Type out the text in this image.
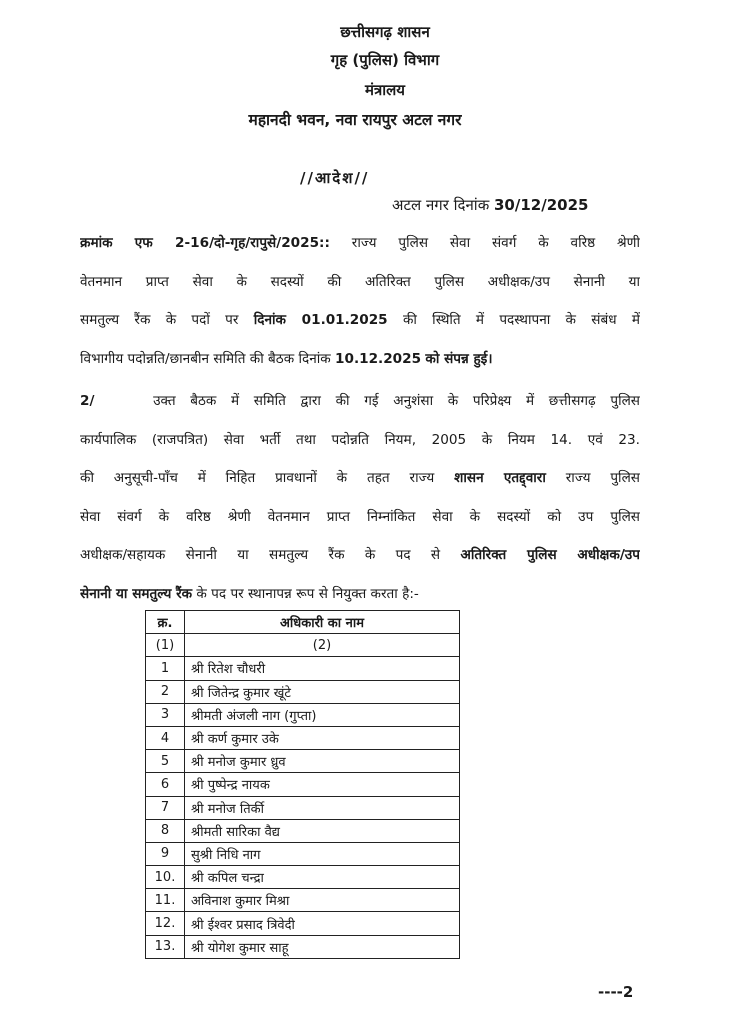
छत्तीसगढ़ शासन
गृह (पुलिस) विभाग
मंत्रालय
महानदी भवन, नवा रायपुर अटल नगर
//आदेश//
अटल नगर दिनांक 30/12/2025
क्रमांक एफ 2-16/दो-गृह/रापुसे/2025:: राज्य पुलिस सेवा संवर्ग के वरिष्ठ श्रेणी
वेतनमान प्राप्त सेवा के सदस्यों की अतिरिक्त पुलिस अधीक्षक/उप सेनानी या
समतुल्य रैंक के पदों पर दिनांक 01.01.2025 की स्थिति में पदस्थापना के संबंध में
विभागीय पदोन्नति/छानबीन समिति की बैठक दिनांक 10.12.2025 को संपन्न हुई।
2/	उक्त बैठक में समिति द्वारा की गई अनुशंसा के परिप्रेक्ष्य में छत्तीसगढ़ पुलिस
कार्यपालिक (राजपत्रित) सेवा भर्ती तथा पदोन्नति नियम, 2005 के नियम 14. एवं 23.
की अनुसूची-पाँच में निहित प्रावधानों के तहत राज्य शासन एतद्द्वारा राज्य पुलिस
सेवा संवर्ग के वरिष्ठ श्रेणी वेतनमान प्राप्त निम्नांकित सेवा के सदस्यों को उप पुलिस
अधीक्षक/सहायक सेनानी या समतुल्य रैंक के पद से अतिरिक्त पुलिस अधीक्षक/उप
सेनानी या समतुल्य रैंक के पद पर स्थानापन्न रूप से नियुक्त करता है:-
क्र.	अधिकारी का नाम
(1)	(2)
1	श्री रितेश चौधरी
2	श्री जितेन्द्र कुमार खूंटे
3	श्रीमती अंजली नाग (गुप्ता)
4	श्री कर्ण कुमार उके
5	श्री मनोज कुमार ध्रुव
6	श्री पुष्पेन्द्र नायक
7	श्री मनोज तिर्की
8	श्रीमती सारिका वैद्य
9	सुश्री निधि नाग
10.	श्री कपिल चन्द्रा
11.	अविनाश कुमार मिश्रा
12.	श्री ईश्वर प्रसाद त्रिवेदी
13.	श्री योगेश कुमार साहू
----2
